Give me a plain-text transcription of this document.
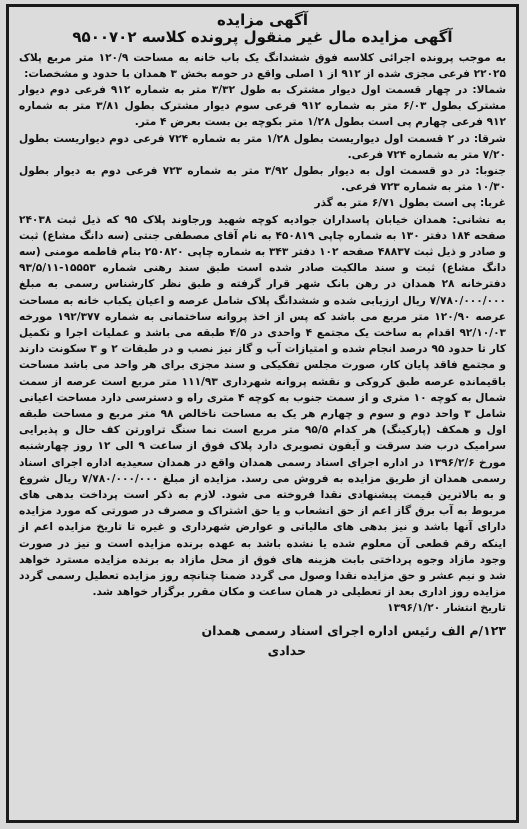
آگهی مزایده
آگهی مزایده مال غیر منقول پرونده کلاسه ۹۵۰۰۷۰۲

به موجب پرونده اجرائی کلاسه فوق ششدانگ یک باب خانه به مساحت ۱۲۰/۹ متر مربع پلاک ۲۲۰۲۵ فرعی مجزی شده از ۹۱۲ از ۱ اصلی واقع در حومه بخش ۳ همدان با حدود و مشخصات:

شمالا: در چهار قسمت اول دیوار مشترک به طول ۳/۳۲ متر به شماره ۹۱۲ فرعی دوم دیوار مشترک بطول ۶/۰۳ متر به شماره ۹۱۲ فرعی سوم دیوار مشترک بطول ۳/۸۱ متر به شماره ۹۱۲ فرعی چهارم پی است بطول ۱/۲۸ متر بکوچه بن بست بعرض ۴ متر.

شرقا: در ۲ قسمت اول دیواریست بطول ۱/۲۸ متر به شماره ۷۲۴ فرعی دوم دیواریست بطول ۷/۲۰ متر به شماره ۷۲۴ فرعی.

جنوبا: در دو قسمت اول به دیوار بطول ۳/۹۲ متر به شماره ۷۲۳ فرعی دوم به دیوار بطول ۱۰/۳۰ متر به شماره ۷۲۳ فرعی.

غربا: پی است بطول ۶/۷۱ متر به گذر

به نشانی: همدان خیابان پاسداران جوادیه کوچه شهید ورجاوند پلاک ۹۵ که ذیل ثبت ۲۴۰۳۸ صفحه ۱۸۴ دفتر ۱۳۰ به شماره چاپی ۴۵۰۸۱۹ به نام آقای مصطفی جنتی (سه دانگ مشاع) ثبت و صادر و ذیل ثبت ۴۸۸۳۷ صفحه ۱۰۲ دفتر ۳۴۳ به شماره چاپی ۲۵۰۸۲۰ بنام فاطمه مومنی (سه دانگ مشاع) ثبت و سند مالکیت صادر شده است طبق سند رهنی شماره ۱۵۵۵۳-۹۳/۵/۱۱ دفترخانه ۲۸ همدان در رهن بانک شهر قرار گرفته و طبق نظر کارشناس رسمی به مبلغ ۷/۷۸۰/۰۰۰/۰۰۰ ریال ارزیابی شده و ششدانگ پلاک شامل عرصه و اعیان یکباب خانه به مساحت عرصه ۱۲۰/۹۰ متر مربع می باشد که پس از اخذ پروانه ساختمانی به شماره ۱۹۲/۳۷۷ مورخه ۹۲/۱۰/۰۳ اقدام به ساخت یک مجتمع ۴ واحدی در ۴/۵ طبقه می باشد و عملیات اجرا و تکمیل کار تا حدود ۹۵ درصد انجام شده و امتیازات آب و گاز نیز نصب و در طبقات ۲ و ۳ سکونت دارند و مجتمع فاقد پایان کار، صورت مجلس تفکیکی و سند مجزی برای هر واحد می باشد مساحت باقیمانده عرصه طبق کروکی و نقشه پروانه شهرداری ۱۱۱/۹۳ متر مربع است عرصه از سمت شمال به کوچه ۱۰ متری و از سمت جنوب به کوچه ۴ متری راه و دسترسی دارد مساحت اعیانی شامل ۳ واحد دوم و سوم و چهارم هر یک به مساحت ناخالص ۹۸ متر مربع و مساحت طبقه اول و همکف (پارکینگ) هر کدام ۹۵/۵ متر مربع است نما سنگ تراورتن کف حال و پذیرایی سرامیک درب ضد سرقت و آیفون تصویری دارد پلاک فوق از ساعت ۹ الی ۱۲ روز چهارشنبه مورخ ۱۳۹۶/۲/۶ در اداره اجرای اسناد رسمی همدان واقع در همدان سعیدیه اداره اجرای اسناد رسمی همدان از طریق مزایده به فروش می رسد. مزایده از مبلغ ۷/۷۸۰/۰۰۰/۰۰۰ ریال شروع و به بالاترین قیمت پیشنهادی نقدا فروخته می شود. لازم به ذکر است پرداخت بدهی های مربوط به آب برق گاز اعم از حق انشعاب و یا حق اشتراک و مصرف در صورتی که مورد مزایده دارای آنها باشد و نیز بدهی های مالیاتی و عوارض شهرداری و غیره تا تاریخ مزایده اعم از اینکه رقم قطعی آن معلوم شده یا نشده باشد به عهده برنده مزایده است و نیز در صورت وجود مازاد وجوه پرداختی بابت هزینه های فوق از محل مازاد به برنده مزایده مسترد خواهد شد و نیم عشر و حق مزایده نقدا وصول می گردد ضمنا چنانچه روز مزایده تعطیل رسمی گردد مزایده روز اداری بعد از تعطیلی در همان ساعت و مکان مقرر برگزار خواهد شد.

تاریخ انتشار ۱۳۹۶/۱/۲۰

۱۲۳/م الف رئیس اداره اجرای اسناد رسمی همدان
حدادی
